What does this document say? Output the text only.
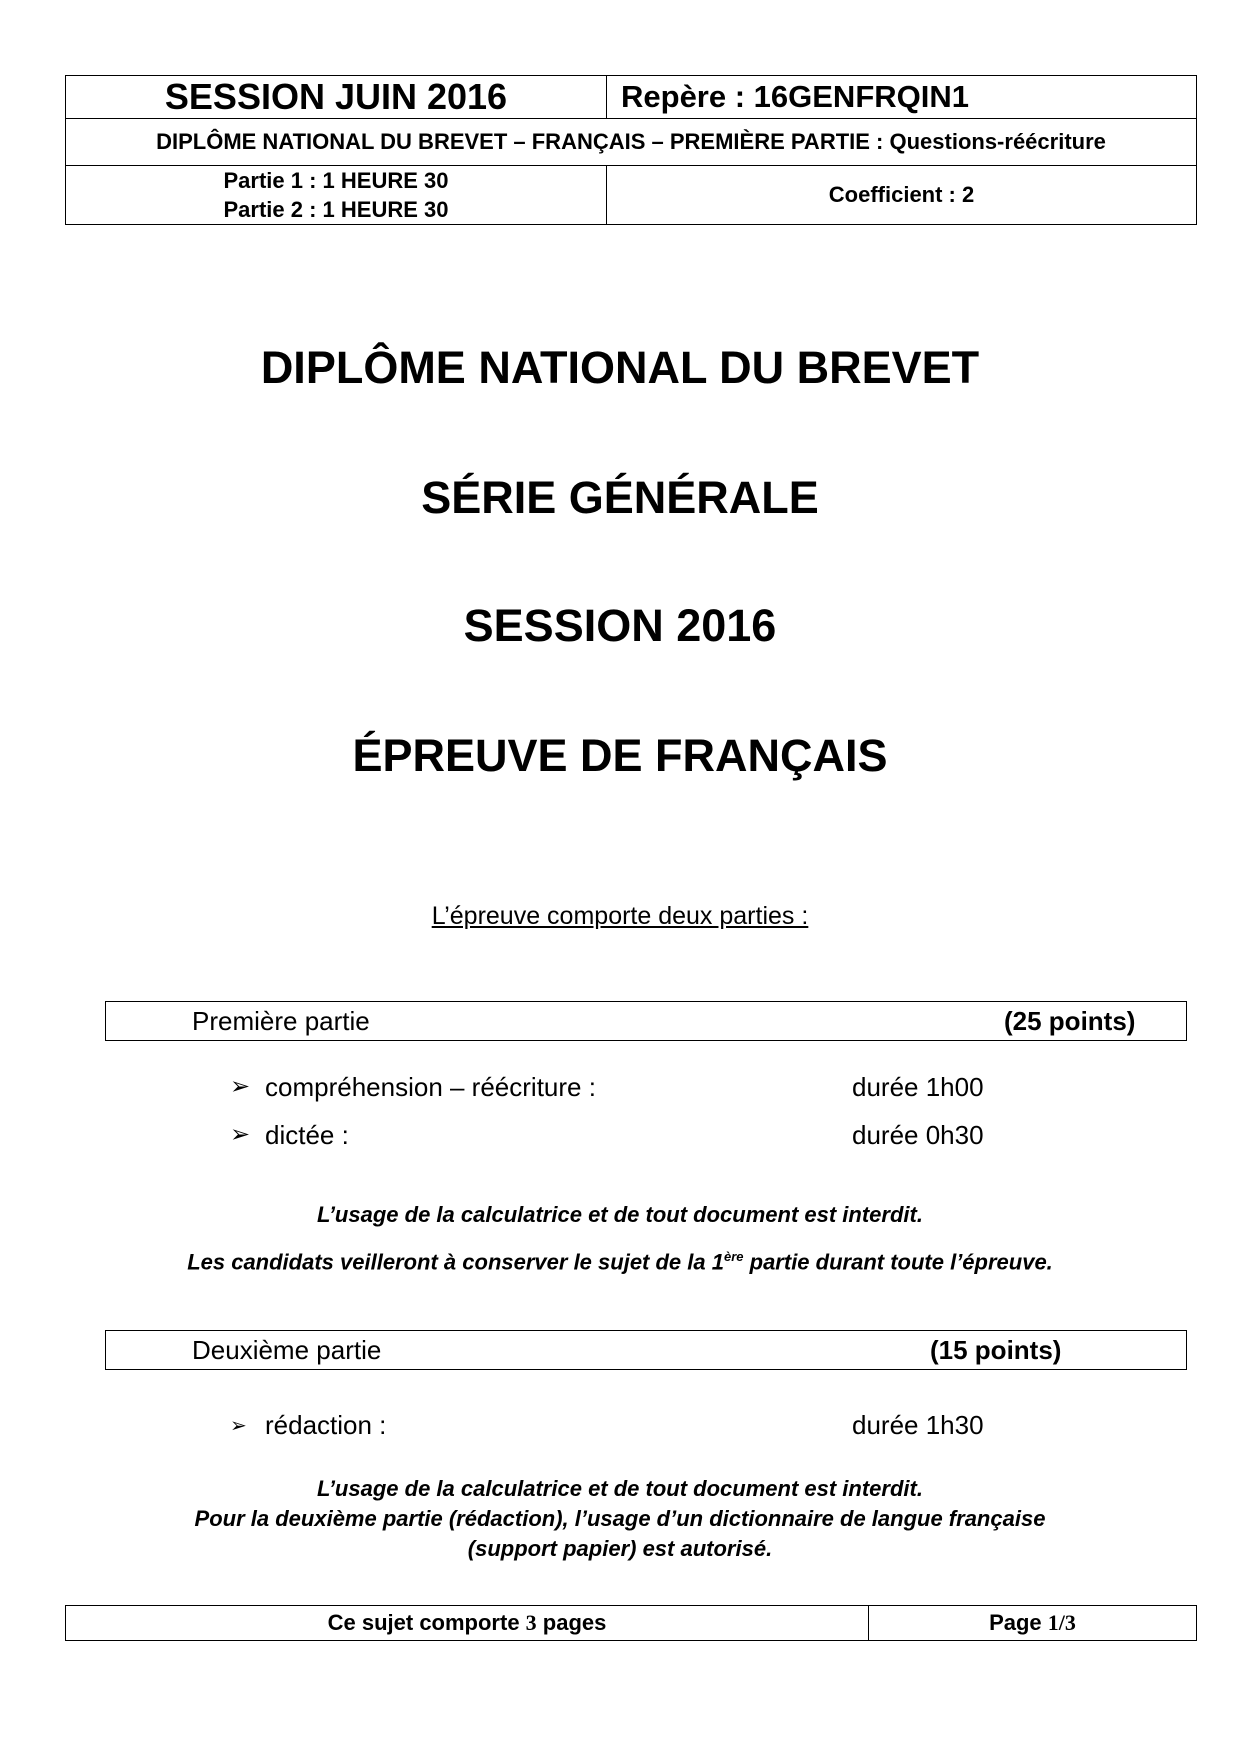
SESSION JUIN 2016	Repère : 16GENFRQIN1
DIPLÔME NATIONAL DU BREVET – FRANÇAIS – PREMIÈRE PARTIE : Questions-réécriture	

Partie 1 : 1 HEURE 30
Partie 2 : 1 HEURE 30	Coefficient : 2
DIPLÔME NATIONAL DU BREVET
SÉRIE GÉNÉRALE
SESSION 2016
ÉPREUVE DE FRANÇAIS
L’épreuve comporte deux parties :
Première partie	(25 points)
➢ compréhension – réécriture :	durée 1h00
➢ dictée :	durée 0h30
L’usage de la calculatrice et de tout document est interdit.
Les candidats veilleront à conserver le sujet de la 1ère partie durant toute l’épreuve.
Deuxième partie	(15 points)
➢ rédaction :	durée 1h30
L’usage de la calculatrice et de tout document est interdit.
Pour la deuxième partie (rédaction), l’usage d’un dictionnaire de langue française
(support papier) est autorisé.
Ce sujet comporte 3 pages	Page 1/3
